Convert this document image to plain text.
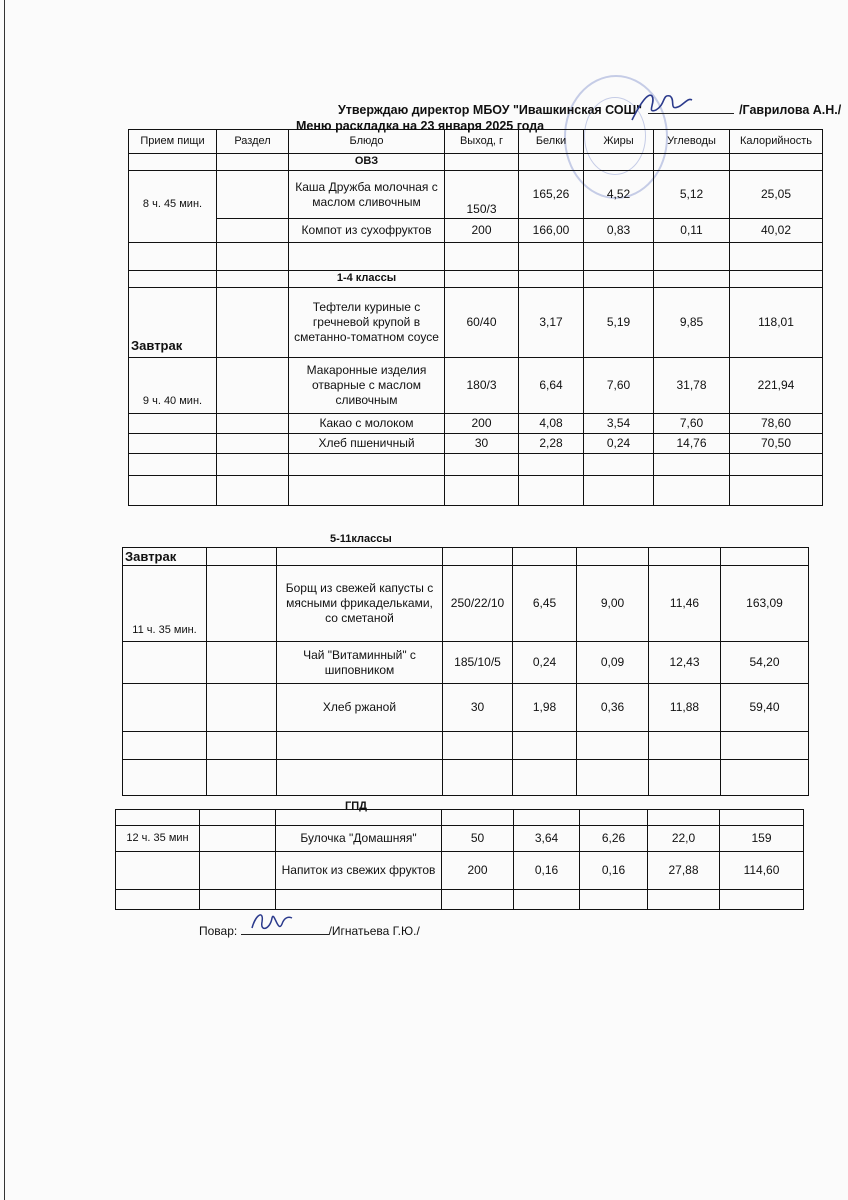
Утверждаю директор МБОУ "Ивашкинская СОШ"	/Гаврилова А.Н./
Меню раскладка на 23 января 2025 года
Прием пищи	Раздел	Блюдо	Выход, г	Белки	Жиры	Углеводы	Калорийность
		ОВЗ					
8 ч. 45 мин.		Каша Дружба молочная с маслом сливочным	150/3	165,26	4,52	5,12	25,05
		Компот из сухофруктов	200	166,00	0,83	0,11	40,02

		1-4 классы					
Завтрак		Тефтели куриные с гречневой крупой в сметанно-томатном соусе	60/40	3,17	5,19	9,85	118,01
9 ч. 40 мин.		Макаронные изделия отварные с маслом сливочным	180/3	6,64	7,60	31,78	221,94
		Какао с молоком	200	4,08	3,54	7,60	78,60
		Хлеб пшеничный	30	2,28	0,24	14,76	70,50

5-11классы
Завтрак							
11 ч. 35 мин.		Борщ из свежей капусты с мясными фрикадельками, со сметаной	250/22/10	6,45	9,00	11,46	163,09
		Чай "Витаминный" с шиповником	185/10/5	0,24	0,09	12,43	54,20
		Хлеб ржаной	30	1,98	0,36	11,88	59,40

ГПД

12 ч. 35 мин		Булочка "Домашняя"	50	3,64	6,26	22,0	159
		Напиток из свежих фруктов	200	0,16	0,16	27,88	114,60

Повар:	/Игнатьева Г.Ю./
